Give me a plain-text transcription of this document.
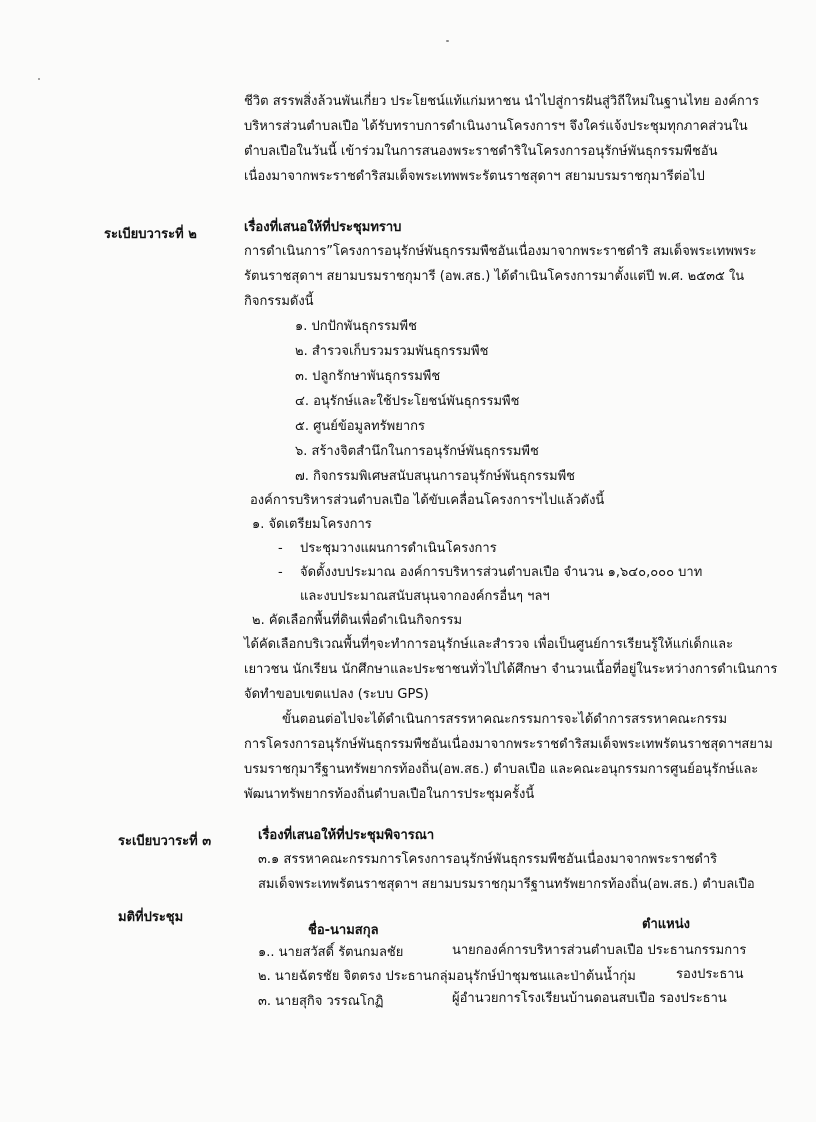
ชีวิต สรรพสิ่งล้วนพันเกี่ยว ประโยชน์แท้แก่มหาชน นำไปสู่การฝันสู่วิถีใหม่ในฐานไทย องค์การ
บริหารส่วนตำบลเปือ ได้รับทราบการดำเนินงานโครงการฯ จึงใคร่แจ้งประชุมทุกภาคส่วนใน
ตำบลเปือในวันนี้ เข้าร่วมในการสนองพระราชดำริในโครงการอนุรักษ์พันธุกรรมพืชอัน
เนื่องมาจากพระราชดำริสมเด็จพระเทพพระรัตนราชสุดาฯ สยามบรมราชกุมารีต่อไป
ระเบียบวาระที่ ๒	เรื่องที่เสนอให้ที่ประชุมทราบ
การดำเนินการ”โครงการอนุรักษ์พันธุกรรมพืชอันเนื่องมาจากพระราชดำริ สมเด็จพระเทพพระ
รัตนราชสุดาฯ สยามบรมราชกุมารี (อพ.สธ.) ได้ดำเนินโครงการมาตั้งแต่ปี พ.ศ. ๒๕๓๕ ใน
กิจกรรมดังนี้
๑. ปกปักพันธุกรรมพืช
๒. สำรวจเก็บรวมรวมพันธุกรรมพืช
๓. ปลูกรักษาพันธุกรรมพืช
๔. อนุรักษ์และใช้ประโยชน์พันธุกรรมพืช
๕. ศูนย์ข้อมูลทรัพยากร
๖. สร้างจิตสำนึกในการอนุรักษ์พันธุกรรมพืช
๗. กิจกรรมพิเศษสนับสนุนการอนุรักษ์พันธุกรรมพืช
องค์การบริหารส่วนตำบลเปือ ได้ขับเคลื่อนโครงการฯไปแล้วดังนี้
๑. จัดเตรียมโครงการ
- ประชุมวางแผนการดำเนินโครงการ
- จัดตั้งงบประมาณ องค์การบริหารส่วนตำบลเปือ จำนวน ๑,๖๔๐,๐๐๐ บาท
และงบประมาณสนับสนุนจากองค์กรอื่นๆ ฯลฯ
๒. คัดเลือกพื้นที่ดินเพื่อดำเนินกิจกรรม
ได้คัดเลือกบริเวณพื้นที่ๆจะทำการอนุรักษ์และสำรวจ เพื่อเป็นศูนย์การเรียนรู้ให้แก่เด็กและ
เยาวชน นักเรียน นักศึกษาและประชาชนทั่วไปได้ศึกษา จำนวนเนื้อที่อยู่ในระหว่างการดำเนินการ
จัดทำขอบเขตแปลง (ระบบ GPS)
ขั้นตอนต่อไปจะได้ดำเนินการสรรหาคณะกรรมการจะได้ดำการสรรหาคณะกรรม
การโครงการอนุรักษ์พันธุกรรมพืชอันเนื่องมาจากพระราชดำริสมเด็จพระเทพรัตนราชสุดาฯสยาม
บรมราชกุมารีฐานทรัพยากรท้องถิ่น(อพ.สธ.) ตำบลเปือ และคณะอนุกรรมการศูนย์อนุรักษ์และ
พัฒนาทรัพยากรท้องถิ่นตำบลเปือในการประชุมครั้งนี้
ระเบียบวาระที่ ๓	เรื่องที่เสนอให้ที่ประชุมพิจารณา
๓.๑ สรรหาคณะกรรมการโครงการอนุรักษ์พันธุกรรมพืชอันเนื่องมาจากพระราชดำริ
สมเด็จพระเทพรัตนราชสุดาฯ สยามบรมราชกุมารีฐานทรัพยากรท้องถิ่น(อพ.สธ.) ตำบลเปือ
มติที่ประชุม
ชื่อ-นามสกุล	ตำแหน่ง
๑.. นายสวัสดิ์ รัตนกมลชัย	นายกองค์การบริหารส่วนตำบลเปือ ประธานกรรมการ
๒. นายฉัตรชัย จิตตรง ประธานกลุ่มอนุรักษ์ป่าชุมชนและป่าต้นน้ำกุ่ม	รองประธาน
๓. นายสุกิจ วรรณโกฏิ	ผู้อำนวยการโรงเรียนบ้านดอนสบเปือ รองประธาน
